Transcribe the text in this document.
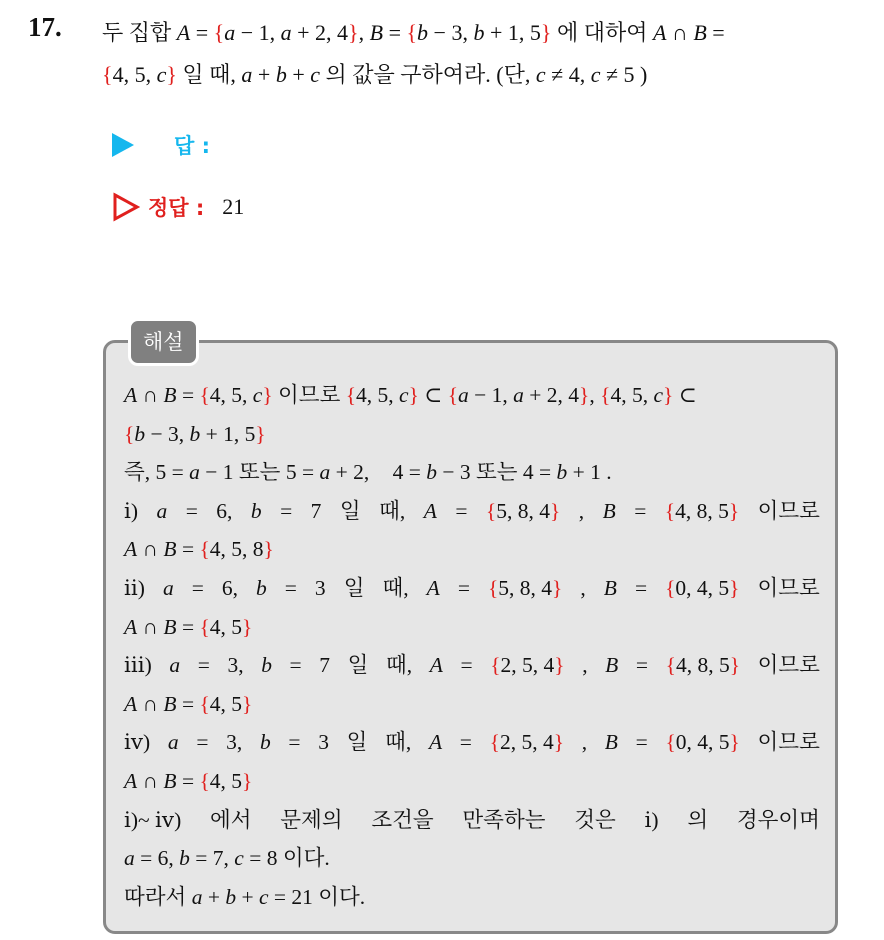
17. 두 집합 A = {a − 1, a + 2, 4}, B = {b − 3, b + 1, 5} 에 대하여 A ∩ B =
{4, 5, c} 일 때, a + b + c 의 값을 구하여라. (단, c ≠ 4, c ≠ 5 )
답 :
정답 : 21
해설
A ∩ B = {4, 5, c} 이므로 {4, 5, c} ⊂ {a − 1, a + 2, 4}, {4, 5, c} ⊂
{b − 3, b + 1, 5}
즉, 5 = a − 1 또는 5 = a + 2, 4 = b − 3 또는 4 = b + 1 .
ⅰ) a = 6, b = 7 일 때, A = {5, 8, 4} , B = {4, 8, 5} 이므로
A ∩ B = {4, 5, 8}
ⅱ) a = 6, b = 3 일 때, A = {5, 8, 4} , B = {0, 4, 5} 이므로
A ∩ B = {4, 5}
ⅲ) a = 3, b = 7 일 때, A = {2, 5, 4} , B = {4, 8, 5} 이므로
A ∩ B = {4, 5}
ⅳ) a = 3, b = 3 일 때, A = {2, 5, 4} , B = {0, 4, 5} 이므로
A ∩ B = {4, 5}
ⅰ)~ ⅳ) 에서 문제의 조건을 만족하는 것은 ⅰ) 의 경우이며
a = 6, b = 7, c = 8 이다.
따라서 a + b + c = 21 이다.
